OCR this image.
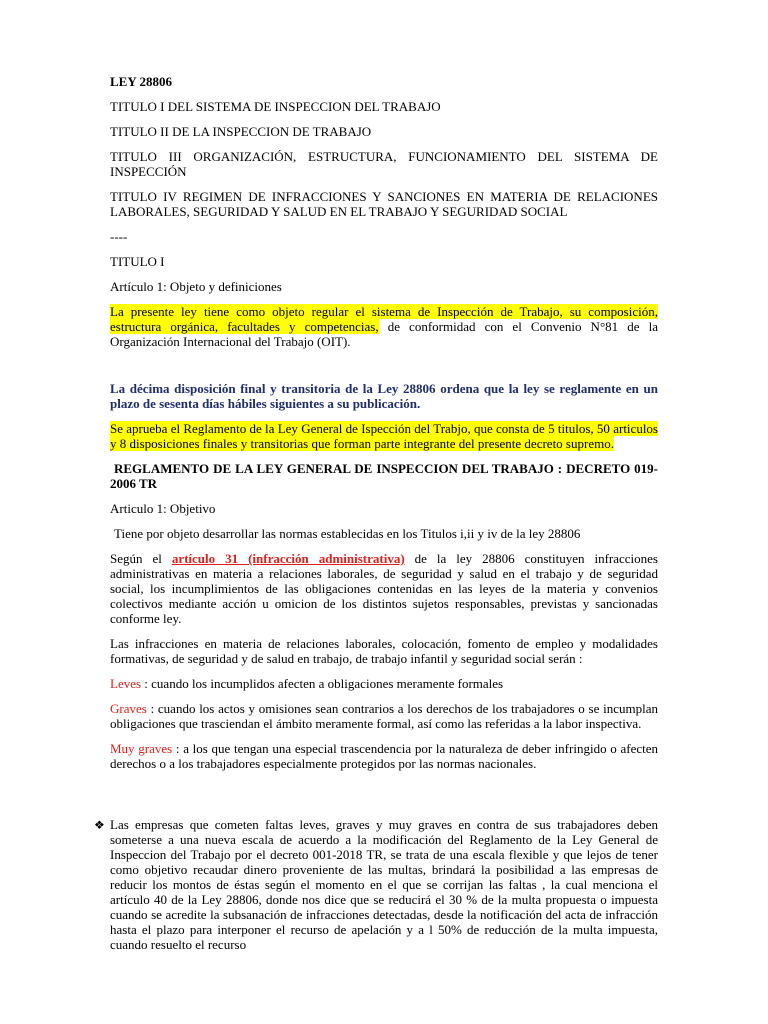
LEY 28806

TITULO I DEL SISTEMA DE INSPECCION DEL TRABAJO

TITULO II DE LA INSPECCION DE TRABAJO

TITULO III ORGANIZACIÓN, ESTRUCTURA, FUNCIONAMIENTO DEL SISTEMA DE INSPECCIÓN

TITULO IV REGIMEN DE INFRACCIONES Y SANCIONES EN MATERIA DE RELACIONES LABORALES, SEGURIDAD Y SALUD EN EL TRABAJO Y SEGURIDAD SOCIAL

----

TITULO I

Artículo 1: Objeto y definiciones

La presente ley tiene como objeto regular el sistema de Inspección de Trabajo, su composición, estructura orgánica, facultades y competencias, de conformidad con el Convenio N°81 de la Organización Internacional del Trabajo (OIT).

La décima disposición final y transitoria de la Ley 28806 ordena que la ley se reglamente en un plazo de sesenta días hábiles siguientes a su publicación.

Se aprueba el Reglamento de la Ley General de Ispección del Trabjo, que consta de 5 titulos, 50 articulos y 8 disposiciones finales y transitorias que forman parte integrante del presente decreto supremo.

REGLAMENTO DE LA LEY GENERAL DE INSPECCION DEL TRABAJO : DECRETO 019-2006 TR

Articulo 1: Objetivo

Tiene por objeto desarrollar las normas establecidas en los Titulos i,ii y iv de la ley 28806

Según el artículo 31 (infracción administrativa) de la ley 28806 constituyen infracciones administrativas en materia a relaciones laborales, de seguridad y salud en el trabajo y de seguridad social, los incumplimientos de las obligaciones contenidas en las leyes de la materia y convenios colectivos mediante acción u omicion de los distintos sujetos responsables, previstas y sancionadas conforme ley.

Las infracciones en materia de relaciones laborales, colocación, fomento de empleo y modalidades formativas, de seguridad y de salud en trabajo, de trabajo infantil y seguridad social serán :

Leves : cuando los incumplidos afecten a obligaciones meramente formales

Graves : cuando los actos y omisiones sean contrarios a los derechos de los trabajadores o se incumplan obligaciones que trasciendan el ámbito meramente formal, así como las referidas a la labor inspectiva.

Muy graves : a los que tengan una especial trascendencia por la naturaleza de deber infringido o afecten derechos o a los trabajadores especialmente protegidos por las normas nacionales.

❖ Las empresas que cometen faltas leves, graves y muy graves en contra de sus trabajadores deben someterse a una nueva escala de acuerdo a la modificación del Reglamento de la Ley General de Inspeccion del Trabajo por el decreto 001-2018 TR, se trata de una escala flexible y que lejos de tener como objetivo recaudar dinero proveniente de las multas, brindará la posibilidad a las empresas de reducir los montos de éstas según el momento en el que se corrijan las faltas , la cual menciona el artículo 40 de la Ley 28806, donde nos dice que se reducirá el 30 % de la multa propuesta o impuesta cuando se acredite la subsanación de infracciones detectadas, desde la notificación del acta de infracción hasta el plazo para interponer el recurso de apelación y a l 50% de reducción de la multa impuesta, cuando resuelto el recurso
